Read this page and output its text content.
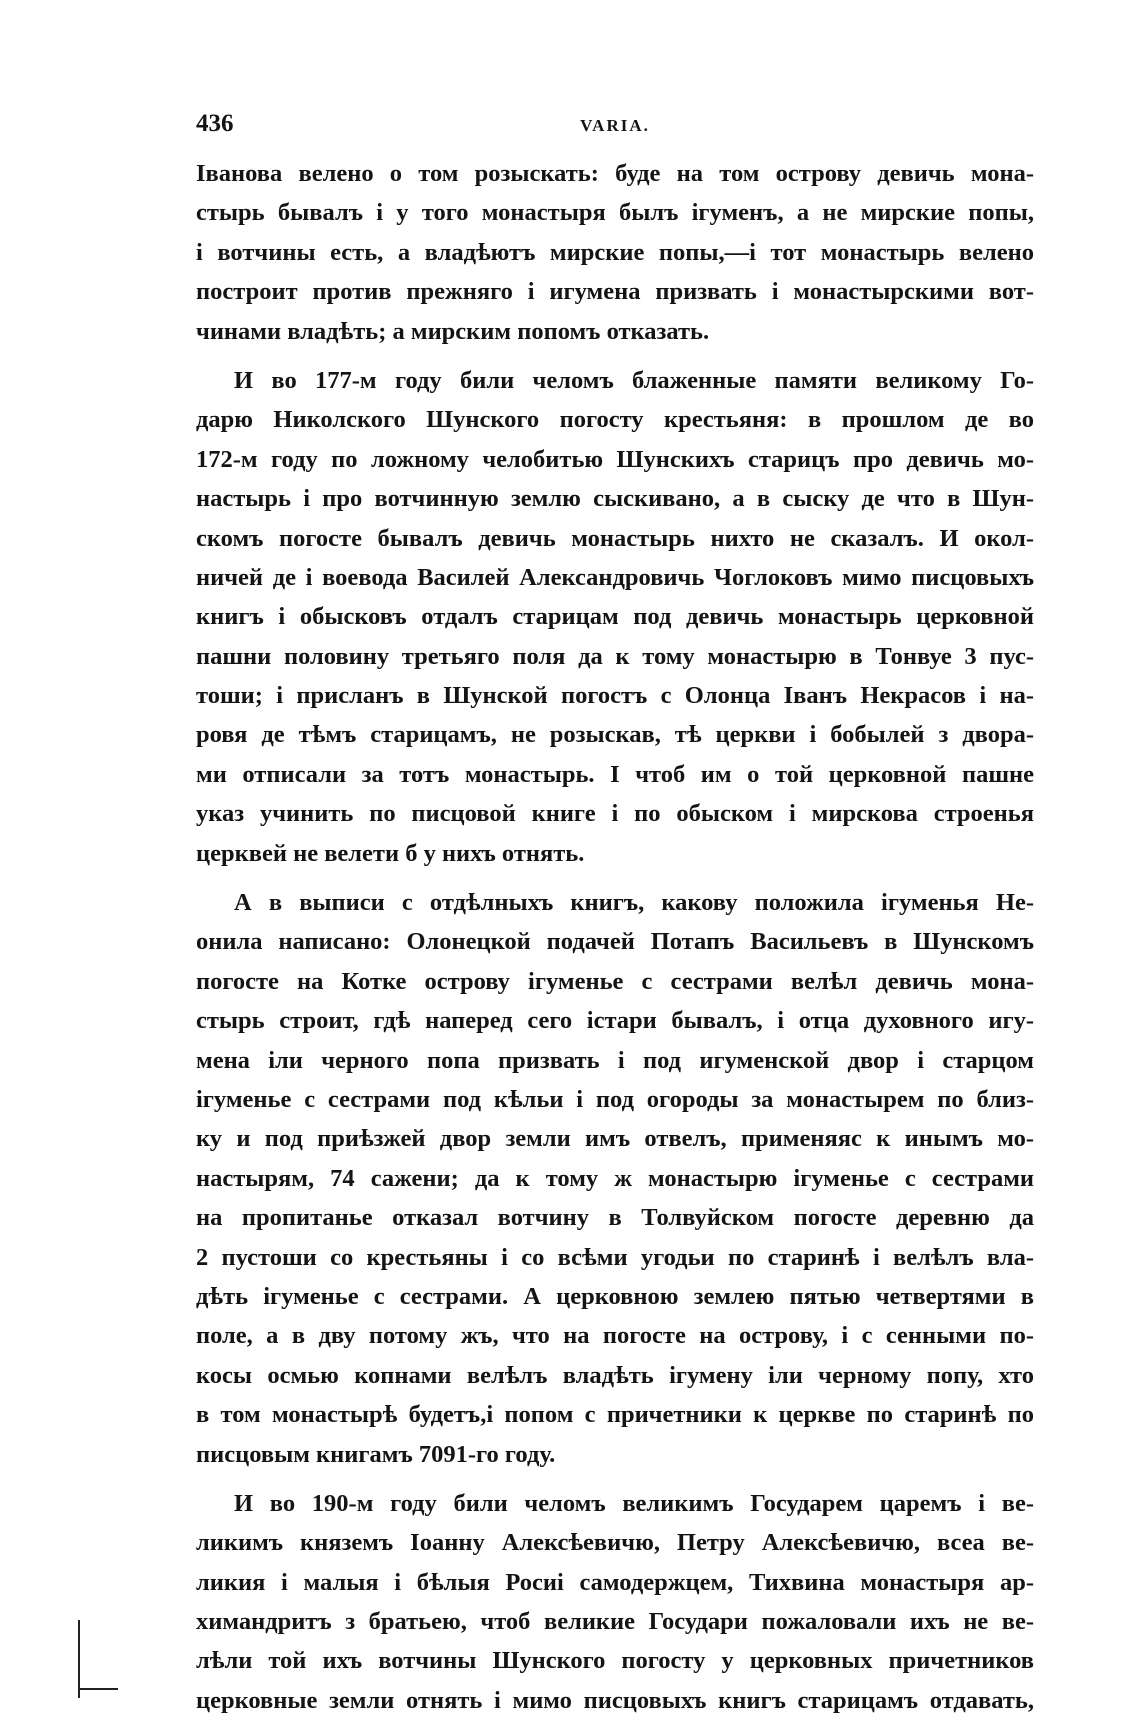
436	VARIA.
Іванова велено о том розыскать: буде на том острову девичь мона-
стырь бывалъ і у того монастыря былъ ігуменъ, а не мирские попы,
і вотчины есть, а владѣютъ мирские попы,—і тот монастырь велено
построит против прежняго і игумена призвать і монастырскими вот-
чинами владѣть; а мирским попомъ отказать.
И во 177-м году били челомъ блаженные памяти великому Го-
дарю Николского Шунского погосту крестьяня: в прошлом де во
172-м году по ложному челобитью Шунскихъ старицъ про девичь мо-
настырь і про вотчинную землю сыскивано, а в сыску де что в Шун-
скомъ погосте бывалъ девичь монастырь нихто не сказалъ. И окол-
ничей де і воевода Василей Александровичь Чоглоковъ мимо писцовыхъ
книгъ і обысковъ отдалъ старицам под девичь монастырь церковной
пашни половину третьяго поля да к тому монастырю в Тонвуе 3 пус-
тоши; і присланъ в Шунской погостъ с Олонца Іванъ Некрасов і на-
ровя де тѣмъ старицамъ, не розыскав, тѣ церкви і бобылей з двора-
ми отписали за тотъ монастырь. І чтоб им о той церковной пашне
указ учинить по писцовой книге і по обыском і мирскова строенья
церквей не велети б у нихъ отнять.
А в выписи с отдѣлныхъ книгъ, какову положила ігуменья Не-
онила написано: Олонецкой подачей Потапъ Васильевъ в Шунскомъ
погосте на Котке острову ігуменье с сестрами велѣл девичь мона-
стырь строит, гдѣ наперед сего істари бывалъ, і отца духовного игу-
мена іли черного попа призвать і под игуменской двор і старцом
ігуменье с сестрами под кѣльи і под огороды за монастырем по близ-
ку и под приѣзжей двор земли имъ отвелъ, применяяс к инымъ мо-
настырям, 74 сажени; да к тому ж монастырю ігуменье с сестрами
на пропитанье отказал вотчину в Толвуйском погосте деревню да
2 пустоши со крестьяны і со всѣми угодьи по старинѣ і велѣлъ вла-
дѣть ігуменье с сестрами. А церковною землею пятью четвертями в
поле, а в дву потому жъ, что на погосте на острову, і с сенными по-
косы осмью копнами велѣлъ владѣть ігумену іли черному попу, хто
в том монастырѣ будетъ,і попом с причетники к церкве по старинѣ по
писцовым книгамъ 7091-го году.
И во 190-м году били челомъ великимъ Государем царемъ і ве-
ликимъ княземъ Іоанну Алексѣевичю, Петру Алексѣевичю, всеа ве-
ликия і малыя і бѣлыя Росиі самодержцем, Тихвина монастыря ар-
химандритъ з братьею, чтоб великие Государи пожаловали ихъ не ве-
лѣли той ихъ вотчины Шунского погосту у церковных причетников
церковные земли отнять і мимо писцовыхъ книгъ старицамъ отдавать,
